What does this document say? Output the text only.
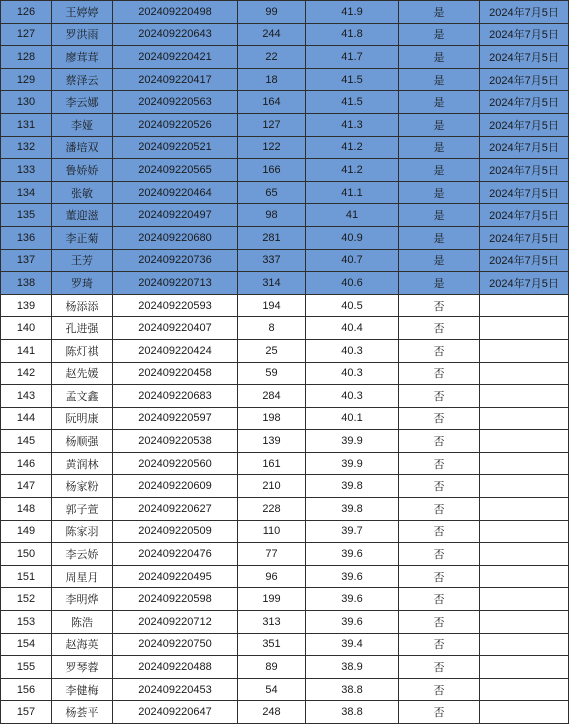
126	王婷婷	202409220498	99	41.9	是	2024年7月5日
127	罗洪雨	202409220643	244	41.8	是	2024年7月5日
128	廖茸茸	202409220421	22	41.7	是	2024年7月5日
129	蔡泽云	202409220417	18	41.5	是	2024年7月5日
130	李云娜	202409220563	164	41.5	是	2024年7月5日
131	李娅	202409220526	127	41.3	是	2024年7月5日
132	潘培双	202409220521	122	41.2	是	2024年7月5日
133	鲁娇娇	202409220565	166	41.2	是	2024年7月5日
134	张敏	202409220464	65	41.1	是	2024年7月5日
135	董迎滋	202409220497	98	41	是	2024年7月5日
136	李正菊	202409220680	281	40.9	是	2024年7月5日
137	王芳	202409220736	337	40.7	是	2024年7月5日
138	罗琦	202409220713	314	40.6	是	2024年7月5日
139	杨添添	202409220593	194	40.5	否	
140	孔进强	202409220407	8	40.4	否	
141	陈灯祺	202409220424	25	40.3	否	
142	赵先媛	202409220458	59	40.3	否	
143	孟文鑫	202409220683	284	40.3	否	
144	阮明康	202409220597	198	40.1	否	
145	杨顺强	202409220538	139	39.9	否	
146	黄润林	202409220560	161	39.9	否	
147	杨家粉	202409220609	210	39.8	否	
148	郭子萱	202409220627	228	39.8	否	
149	陈家羽	202409220509	110	39.7	否	
150	李云娇	202409220476	77	39.6	否	
151	周星月	202409220495	96	39.6	否	
152	李明烨	202409220598	199	39.6	否	
153	陈浩	202409220712	313	39.6	否	
154	赵海英	202409220750	351	39.4	否	
155	罗琴蓉	202409220488	89	38.9	否	
156	李健梅	202409220453	54	38.8	否	
157	杨荟平	202409220647	248	38.8	否	
